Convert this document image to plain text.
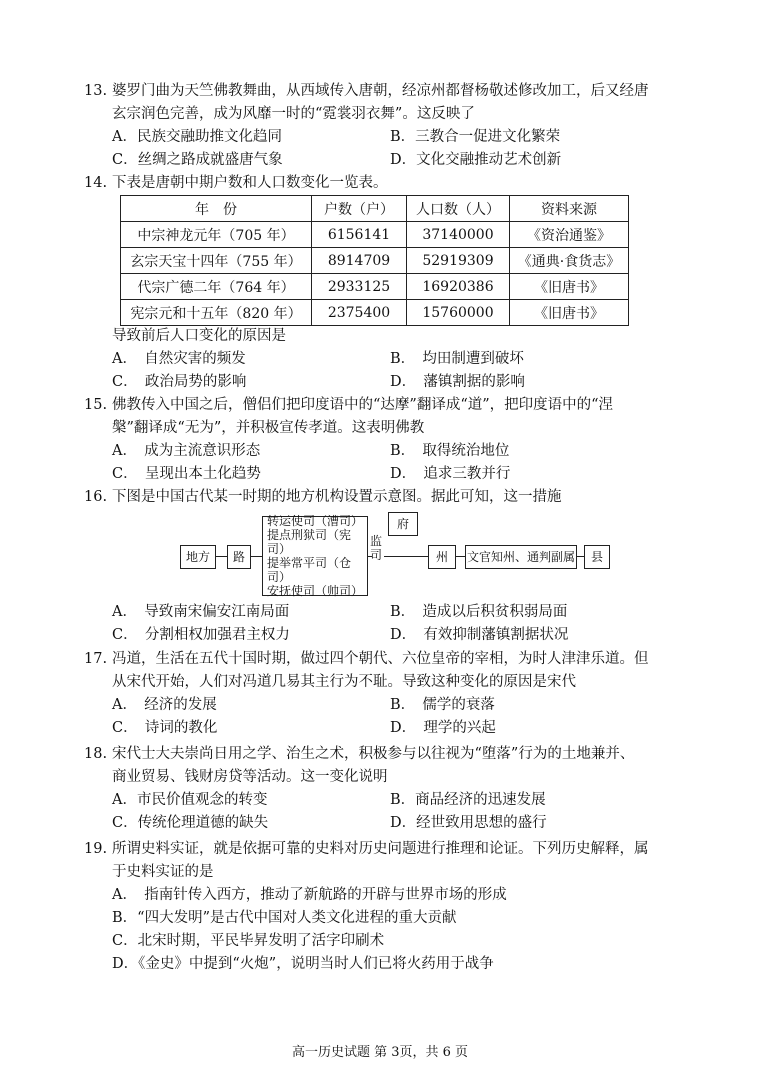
13. 婆罗门曲为天竺佛教舞曲，从西域传入唐朝，经凉州都督杨敬述修改加工，后又经唐

玄宗润色完善，成为风靡一时的“霓裳羽衣舞”。这反映了

A．民族交融助推文化趋同	B．三教合一促进文化繁荣
C．丝绸之路成就盛唐气象	D．文化交融推动艺术创新

14. 下表是唐朝中期户数和人口数变化一览表。

年　份	户数（户）	人口数（人）	资料来源
中宗神龙元年（705 年）	6156141	37140000	《资治通鉴》
玄宗天宝十四年（755 年）	8914709	52919309	《通典·食货志》
代宗广德二年（764 年）	2933125	16920386	《旧唐书》
宪宗元和十五年（820 年）	2375400	15760000	《旧唐书》

导致前后人口变化的原因是

A．　自然灾害的频发	B．　均田制遭到破坏
C．　政治局势的影响	D．　藩镇割据的影响

15. 佛教传入中国之后，僧侣们把印度语中的“达摩”翻译成“道”，把印度语中的“涅

槃”翻译成“无为”，并积极宣传孝道。这表明佛教

A．　成为主流意识形态	B．　取得统治地位
C．　呈现出本土化趋势	D．　追求三教并行

16. 下图是中国古代某一时期的地方机构设置示意图。据此可知，这一措施

地方	路
转运使司（漕司）
提点刑狱司（宪司）
提举常平司（仓司）
安抚使司（帅司）
监司
府
州	文官知州、通判副属	县
A．　导致南宋偏安江南局面	B．　造成以后积贫积弱局面
C．　分割相权加强君主权力	D．　有效抑制藩镇割据状况

17. 冯道，生活在五代十国时期，做过四个朝代、六位皇帝的宰相，为时人津津乐道。但

从宋代开始，人们对冯道几易其主行为不耻。导致这种变化的原因是宋代

A．　经济的发展	B．　儒学的衰落
C．　诗词的教化	D．　理学的兴起

18. 宋代士大夫崇尚日用之学、治生之术，积极参与以往视为“堕落”行为的土地兼并、

商业贸易、钱财房贷等活动。这一变化说明

A．市民价值观念的转变	B．商品经济的迅速发展
C．传统伦理道德的缺失	D．经世致用思想的盛行

19. 所谓史料实证，就是依据可靠的史料对历史问题进行推理和论证。下列历史解释，属

于史料实证的是

A．　指南针传入西方，推动了新航路的开辟与世界市场的形成
B．“四大发明”是古代中国对人类文化进程的重大贡献
C．北宋时期，平民毕昇发明了活字印刷术
D．《金史》中提到“火炮”，说明当时人们已将火药用于战争
高一历史试题 第 3页，共 6 页
